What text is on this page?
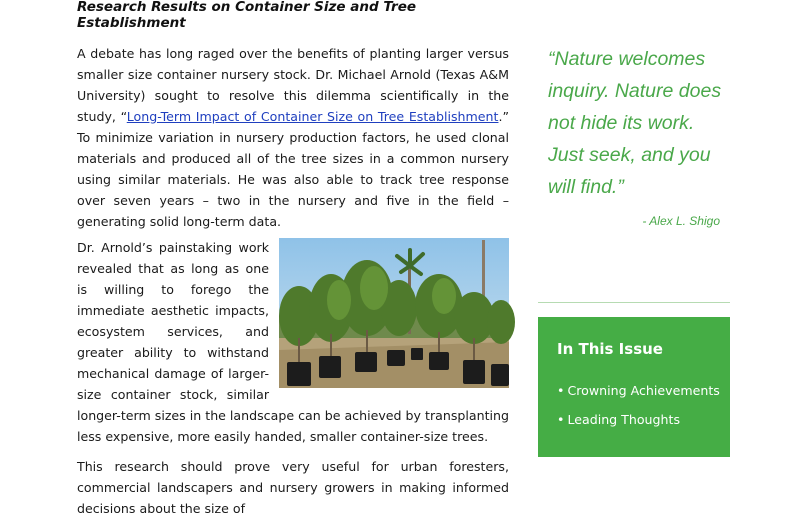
Research Results on Container Size and Tree Establishment

A debate has long raged over the benefits of planting larger versus smaller size container nursery stock. Dr. Michael Arnold (Texas A&M University) sought to resolve this dilemma scientifically in the study, “Long-Term Impact of Container Size on Tree Establishment.” To minimize variation in nursery production factors, he used clonal materials and produced all of the tree sizes in a common nursery using similar materials. He was also able to track tree response over seven years – two in the nursery and five in the field – generating solid long-term data.

Dr. Arnold’s painstaking work revealed that as long as one is willing to forego the immediate aesthetic impacts, ecosystem services, and greater ability to withstand mechanical damage of larger-size container stock, similar longer-term sizes in the landscape can be achieved by transplanting less expensive, more easily handed, smaller container-size trees.

This research should prove very useful for urban foresters, commercial landscapers and nursery growers in making informed decisions about the size of

“Nature welcomes inquiry. Nature does not hide its work. Just seek, and you will find.”
- Alex L. Shigo
In This Issue
• Crowning Achievements
• Leading Thoughts
